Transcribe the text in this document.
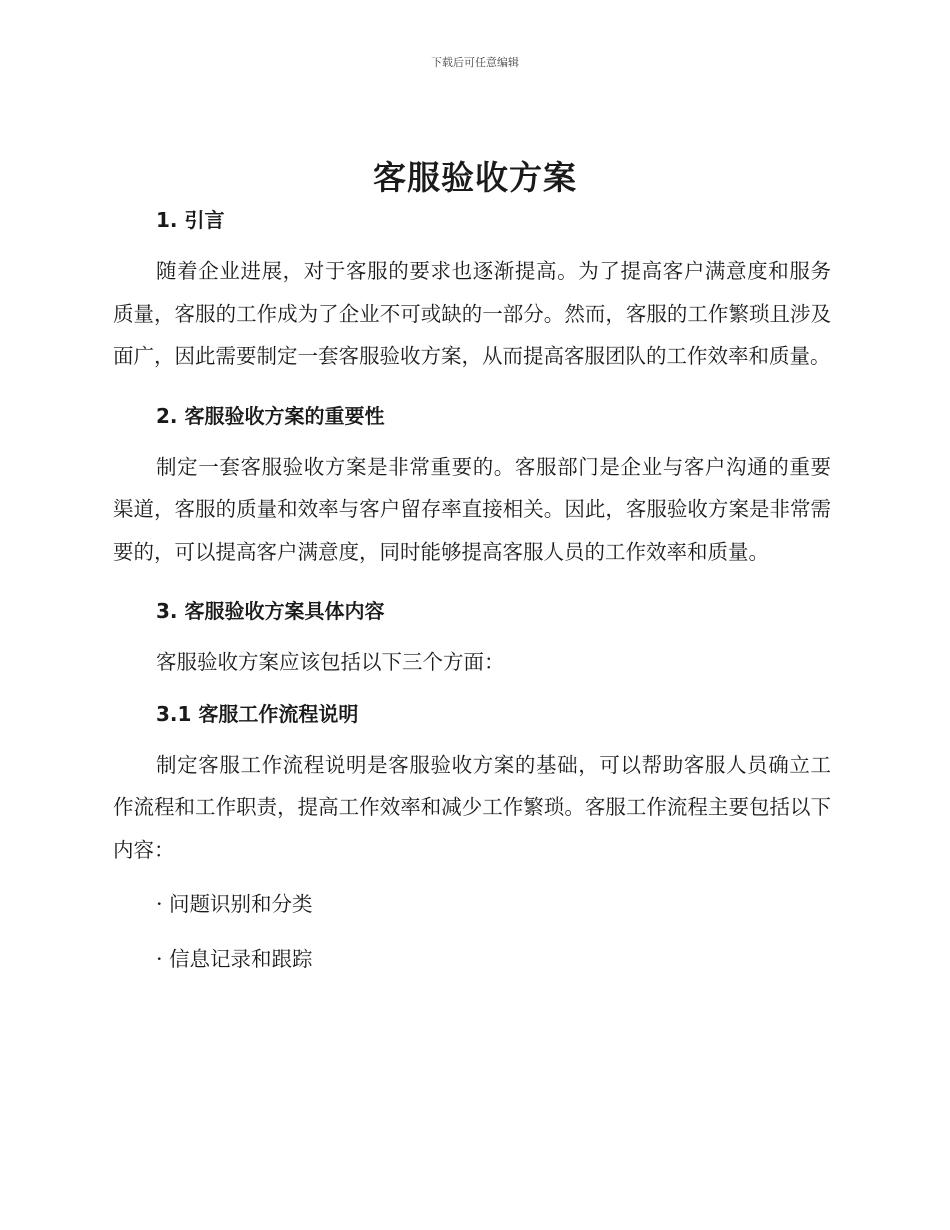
下载后可任意编辑
客服验收方案
1. 引言

随着企业进展，对于客服的要求也逐渐提高。为了提高客户满意度和服务质量，客服的工作成为了企业不可或缺的一部分。然而，客服的工作繁琐且涉及面广，因此需要制定一套客服验收方案，从而提高客服团队的工作效率和质量。

2. 客服验收方案的重要性

制定一套客服验收方案是非常重要的。客服部门是企业与客户沟通的重要渠道，客服的质量和效率与客户留存率直接相关。因此，客服验收方案是非常需要的，可以提高客户满意度，同时能够提高客服人员的工作效率和质量。

3. 客服验收方案具体内容

客服验收方案应该包括以下三个方面：

3.1 客服工作流程说明

制定客服工作流程说明是客服验收方案的基础，可以帮助客服人员确立工作流程和工作职责，提高工作效率和减少工作繁琐。客服工作流程主要包括以下内容：

· 问题识别和分类

· 信息记录和跟踪
